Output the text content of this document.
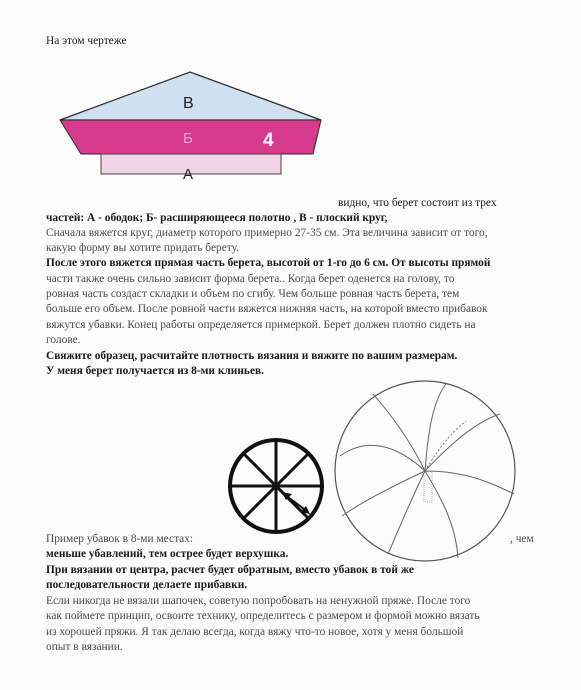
На этом чертеже
В
Б	4
А
видно, что берет состоит из трех
частей: А - ободок; Б- расширяющееся полотно , В - плоский круг,
Сначала вяжется круг, диаметр которого примерно 27-35 см. Эта величина зависит от того,
какую форму вы хотите придать берету.
После этого вяжется прямая часть берета, высотой от 1-го до 6 см. От высоты прямой
части также очень сильно зависит форма берета.. Когда берет оденется на голову, то
ровная часть создаст складки и объем по сгибу. Чем больше ровная часть берета, тем
больше его объем. После ровной части вяжется нижняя часть, на которой вместо прибавок
вяжутся убавки. Конец работы определяется примеркой. Берет должен плотно сидеть на
голове.
Свяжите образец, расчитайте плотность вязания и вяжите по вашим размерам.
У меня берет получается из 8-ми клиньев.
Пример убавок в 8-ми местах:	, чем
меньше убавлений, тем острее будет верхушка.
При вязании от центра, расчет будет обратным, вместо убавок в той же
последовательности делаете прибавки.
Если никогда не вязали шапочек, советую попробовать на ненужной пряже. После того
как поймете принцип, освоите технику, определитесь с размером и формой можно вязать
из хорошей пряжи. Я так делаю всегда, когда вяжу что-то новое, хотя у меня большой
опыт в вязании.
